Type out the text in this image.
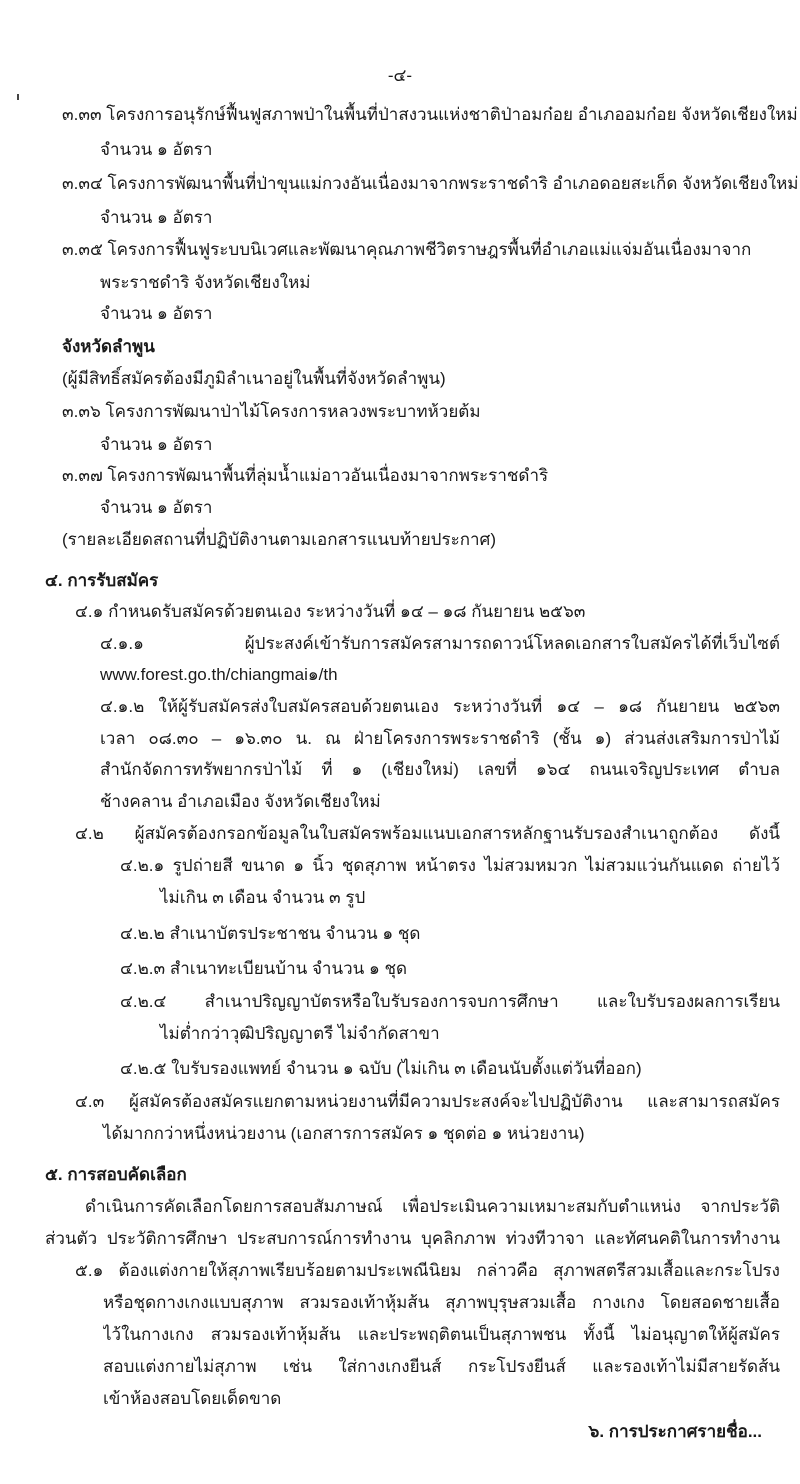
-๔-
๓.๓๓ โครงการอนุรักษ์ฟื้นฟูสภาพป่าในพื้นที่ป่าสงวนแห่งชาติป่าอมก๋อย อำเภออมก๋อย จังหวัดเชียงใหม่
จำนวน ๑ อัตรา
๓.๓๔ โครงการพัฒนาพื้นที่ป่าขุนแม่กวงอันเนื่องมาจากพระราชดำริ อำเภอดอยสะเก็ด จังหวัดเชียงใหม่
จำนวน ๑ อัตรา
๓.๓๕ โครงการฟื้นฟูระบบนิเวศและพัฒนาคุณภาพชีวิตราษฎรพื้นที่อำเภอแม่แจ่มอันเนื่องมาจาก
พระราชดำริ จังหวัดเชียงใหม่
จำนวน ๑ อัตรา
จังหวัดลำพูน
(ผู้มีสิทธิ์สมัครต้องมีภูมิลำเนาอยู่ในพื้นที่จังหวัดลำพูน)
๓.๓๖ โครงการพัฒนาป่าไม้โครงการหลวงพระบาทห้วยต้ม
จำนวน ๑ อัตรา
๓.๓๗ โครงการพัฒนาพื้นที่ลุ่มน้ำแม่อาวอันเนื่องมาจากพระราชดำริ
จำนวน ๑ อัตรา
(รายละเอียดสถานที่ปฏิบัติงานตามเอกสารแนบท้ายประกาศ)
๔. การรับสมัคร
๔.๑ กำหนดรับสมัครด้วยตนเอง ระหว่างวันที่ ๑๔ – ๑๘ กันยายน ๒๕๖๓
๔.๑.๑ ผู้ประสงค์เข้ารับการสมัครสามารถดาวน์โหลดเอกสารใบสมัครได้ที่เว็บไซต์
www.forest.go.th/chiangmai๑/th
๔.๑.๒ ให้ผู้รับสมัครส่งใบสมัครสอบด้วยตนเอง ระหว่างวันที่ ๑๔ – ๑๘ กันยายน ๒๕๖๓
เวลา ๐๘.๓๐ – ๑๖.๓๐ น. ณ ฝ่ายโครงการพระราชดำริ (ชั้น ๑) ส่วนส่งเสริมการป่าไม้
สำนักจัดการทรัพยากรป่าไม้ ที่ ๑ (เชียงใหม่) เลขที่ ๑๖๔ ถนนเจริญประเทศ ตำบล
ช้างคลาน อำเภอเมือง จังหวัดเชียงใหม่
๔.๒ ผู้สมัครต้องกรอกข้อมูลในใบสมัครพร้อมแนบเอกสารหลักฐานรับรองสำเนาถูกต้อง ดังนี้
๔.๒.๑ รูปถ่ายสี ขนาด ๑ นิ้ว ชุดสุภาพ หน้าตรง ไม่สวมหมวก ไม่สวมแว่นกันแดด ถ่ายไว้
ไม่เกิน ๓ เดือน จำนวน ๓ รูป
๔.๒.๒ สำเนาบัตรประชาชน จำนวน ๑ ชุด
๔.๒.๓ สำเนาทะเบียนบ้าน จำนวน ๑ ชุด
๔.๒.๔ สำเนาปริญญาบัตรหรือใบรับรองการจบการศึกษา และใบรับรองผลการเรียน
ไม่ต่ำกว่าวุฒิปริญญาตรี ไม่จำกัดสาขา
๔.๒.๕ ใบรับรองแพทย์ จำนวน ๑ ฉบับ (ไม่เกิน ๓ เดือนนับตั้งแต่วันที่ออก)
๔.๓ ผู้สมัครต้องสมัครแยกตามหน่วยงานที่มีความประสงค์จะไปปฏิบัติงาน และสามารถสมัคร
ได้มากกว่าหนึ่งหน่วยงาน (เอกสารการสมัคร ๑ ชุดต่อ ๑ หน่วยงาน)
๕. การสอบคัดเลือก
ดำเนินการคัดเลือกโดยการสอบสัมภาษณ์ เพื่อประเมินความเหมาะสมกับตำแหน่ง จากประวัติ
ส่วนตัว ประวัติการศึกษา ประสบการณ์การทำงาน บุคลิกภาพ ท่วงทีวาจา และทัศนคติในการทำงาน
๕.๑ ต้องแต่งกายให้สุภาพเรียบร้อยตามประเพณีนิยม กล่าวคือ สุภาพสตรีสวมเสื้อและกระโปรง
หรือชุดกางเกงแบบสุภาพ สวมรองเท้าหุ้มส้น สุภาพบุรุษสวมเสื้อ กางเกง โดยสอดชายเสื้อ
ไว้ในกางเกง สวมรองเท้าหุ้มส้น และประพฤติตนเป็นสุภาพชน ทั้งนี้ ไม่อนุญาตให้ผู้สมัคร
สอบแต่งกายไม่สุภาพ เช่น ใส่กางเกงยีนส์ กระโปรงยีนส์ และรองเท้าไม่มีสายรัดส้น
เข้าห้องสอบโดยเด็ดขาด
๖. การประกาศรายชื่อ...
